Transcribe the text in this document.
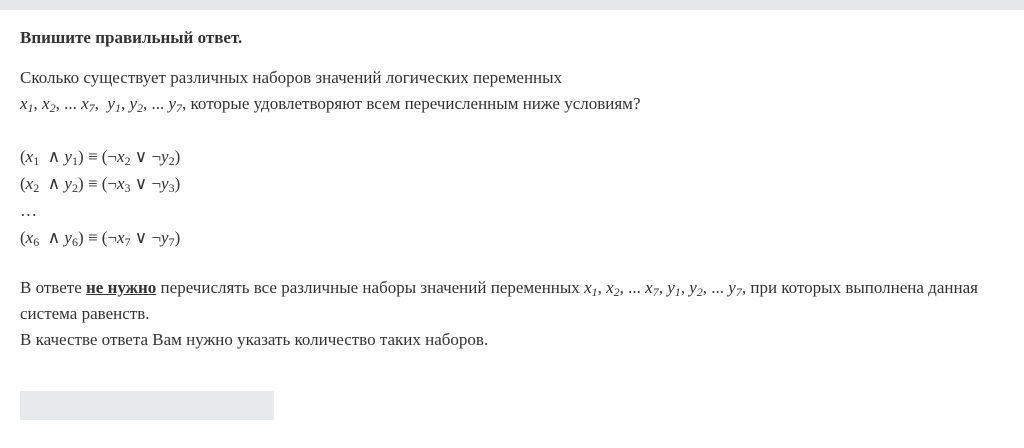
Впишите правильный ответ.

Сколько существует различных наборов значений логических переменных
$x_1$, $x_2$, ... $x_7$,  $y_1$, $y_2$, ... $y_7$, которые удовлетворяют всем перечисленным ниже условиям?
($x_1$  ∧ $y_1$) ≡ ($\neg x_2$ ∨ $\neg y_2$)
($x_2$  ∧ $y_2$) ≡ ($\neg x_3$ ∨ $\neg y_3$)
…
($x_6$  ∧ $y_6$) ≡ ($\neg x_7$ ∨ $\neg y_7$)
В ответе не нужно перечислять все различные наборы значений переменных $x_1$, $x_2$, ... $x_7$, $y_1$, $y_2$, ... $y_7$, при которых выполнена данная система равенств.
В качестве ответа Вам нужно указать количество таких наборов.
